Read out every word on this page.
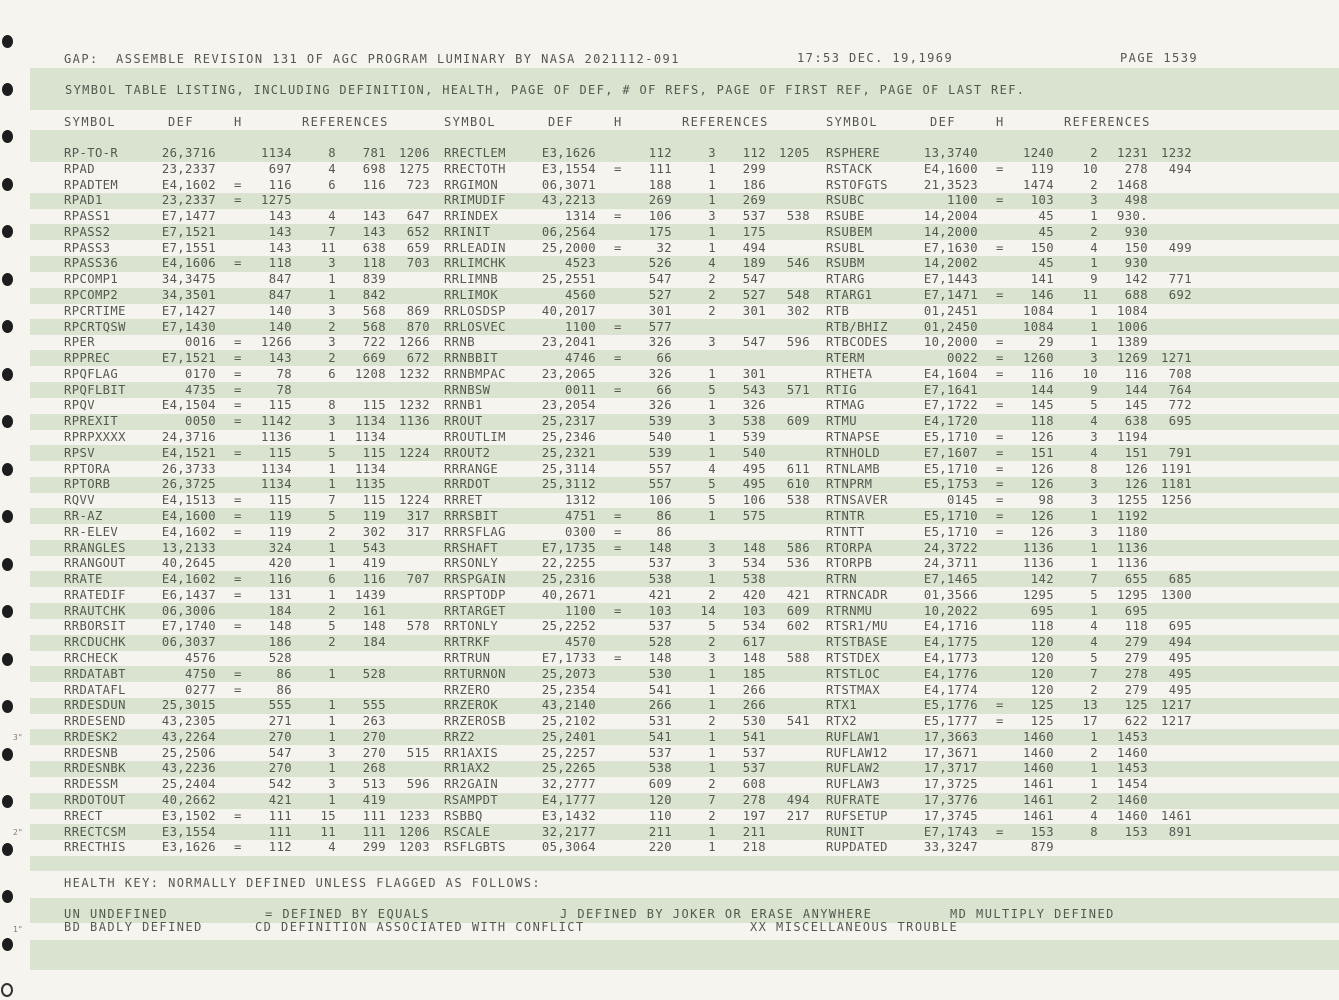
3"
2"
1"
GAP:  ASSEMBLE REVISION 131 OF AGC PROGRAM LUMINARY BY NASA 2021112-091	17:53 DEC. 19,1969	PAGE 1539
SYMBOL TABLE LISTING, INCLUDING DEFINITION, HEALTH, PAGE OF DEF, # OF REFS, PAGE OF FIRST REF, PAGE OF LAST REF.
SYMBOL	DEF	H	REFERENCES	SYMBOL	DEF	H	REFERENCES	SYMBOL	DEF	H	REFERENCES
RP-TO-R	26,3716	1134	8	781	1206 RRECTLEM	E3,1626	112	3	112	1205 RSPHERE	13,3740	1240	2	1231	1232
RPAD	23,2337	697	4	698	1275 RRECTOTH	E3,1554 =	111	1	299	RSTACK	E4,1600 =	119	10	278	494
RPADTEM	E4,1602 =	116	6	116	723 RRGIMON	06,3071	188	1	186	RSTOFGTS	21,3523	1474	2	1468
RPAD1	23,2337 =	1275	RRIMUDIF	43,2213	269	1	269	RSUBC	1100 =	103	3	498
RPASS1	E7,1477	143	4	143	647 RRINDEX	1314 =	106	3	537	538 RSUBE	14,2004	45	1	930.
RPASS2	E7,1521	143	7	143	652 RRINIT	06,2564	175	1	175	RSUBEM	14,2000	45	2	930
RPASS3	E7,1551	143	11	638	659 RRLEADIN	25,2000 =	32	1	494	RSUBL	E7,1630 =	150	4	150	499
RPASS36	E4,1606 =	118	3	118	703 RRLIMCHK	4523	526	4	189	546 RSUBM	14,2002	45	1	930
RPCOMP1	34,3475	847	1	839	RRLIMNB	25,2551	547	2	547	RTARG	E7,1443	141	9	142	771
RPCOMP2	34,3501	847	1	842	RRLIMOK	4560	527	2	527	548 RTARG1	E7,1471 =	146	11	688	692
RPCRTIME	E7,1427	140	3	568	869 RRLOSDSP	40,2017	301	2	301	302 RTB	01,2451	1084	1	1084
RPCRTQSW	E7,1430	140	2	568	870 RRLOSVEC	1100 =	577	RTB/BHIZ	01,2450	1084	1	1006
RPER	0016 =	1266	3	722	1266 RRNB	23,2041	326	3	547	596 RTBCODES	10,2000 =	29	1	1389
RPPREC	E7,1521 =	143	2	669	672 RRNBBIT	4746 =	66	RTERM	0022 =	1260	3	1269	1271
RPQFLAG	0170 =	78	6	1208	1232 RRNBMPAC	23,2065	326	1	301	RTHETA	E4,1604 =	116	10	116	708
RPQFLBIT	4735 =	78	RRNBSW	0011 =	66	5	543	571 RTIG	E7,1641	144	9	144	764
RPQV	E4,1504 =	115	8	115	1232 RRNB1	23,2054	326	1	326	RTMAG	E7,1722 =	145	5	145	772
RPREXIT	0050 =	1142	3	1134	1136 RROUT	25,2317	539	3	538	609 RTMU	E4,1720	118	4	638	695
RPRPXXXX	24,3716	1136	1	1134	RROUTLIM	25,2346	540	1	539	RTNAPSE	E5,1710 =	126	3	1194
RPSV	E4,1521 =	115	5	115	1224 RROUT2	25,2321	539	1	540	RTNHOLD	E7,1607 =	151	4	151	791
RPTORA	26,3733	1134	1	1134	RRRANGE	25,3114	557	4	495	611 RTNLAMB	E5,1710 =	126	8	126	1191
RPTORB	26,3725	1134	1	1135	RRRDOT	25,3112	557	5	495	610 RTNPRM	E5,1753 =	126	3	126	1181
RQVV	E4,1513 =	115	7	115	1224 RRRET	1312	106	5	106	538 RTNSAVER	0145 =	98	3	1255	1256
RR-AZ	E4,1600 =	119	5	119	317 RRRSBIT	4751 =	86	1	575	RTNTR	E5,1710 =	126	1	1192
RR-ELEV	E4,1602 =	119	2	302	317 RRRSFLAG	0300 =	86	RTNTT	E5,1710 =	126	3	1180
RRANGLES	13,2133	324	1	543	RRSHAFT	E7,1735 =	148	3	148	586 RTORPA	24,3722	1136	1	1136
RRANGOUT	40,2645	420	1	419	RRSONLY	22,2255	537	3	534	536 RTORPB	24,3711	1136	1	1136
RRATE	E4,1602 =	116	6	116	707 RRSPGAIN	25,2316	538	1	538	RTRN	E7,1465	142	7	655	685
RRATEDIF	E6,1437 =	131	1	1439	RRSPTODP	40,2671	421	2	420	421 RTRNCADR	01,3566	1295	5	1295	1300
RRAUTCHK	06,3006	184	2	161	RRTARGET	1100 =	103	14	103	609 RTRNMU	10,2022	695	1	695
RRBORSIT	E7,1740 =	148	5	148	578 RRTONLY	25,2252	537	5	534	602 RTSR1/MU	E4,1716	118	4	118	695
RRCDUCHK	06,3037	186	2	184	RRTRKF	4570	528	2	617	RTSTBASE	E4,1775	120	4	279	494
RRCHECK	4576	528	RRTRUN	E7,1733 =	148	3	148	588 RTSTDEX	E4,1773	120	5	279	495
RRDATABT	4750 =	86	1	528	RRTURNON	25,2073	530	1	185	RTSTLOC	E4,1776	120	7	278	495
RRDATAFL	0277 =	86	RRZERO	25,2354	541	1	266	RTSTMAX	E4,1774	120	2	279	495
RRDESDUN	25,3015	555	1	555	RRZEROK	43,2140	266	1	266	RTX1	E5,1776 =	125	13	125	1217
RRDESEND	43,2305	271	1	263	RRZEROSB	25,2102	531	2	530	541 RTX2	E5,1777 =	125	17	622	1217
RRDESK2	43,2264	270	1	270	RRZ2	25,2401	541	1	541	RUFLAW1	17,3663	1460	1	1453
RRDESNB	25,2506	547	3	270	515 RR1AXIS	25,2257	537	1	537	RUFLAW12	17,3671	1460	2	1460
RRDESNBK	43,2236	270	1	268	RR1AX2	25,2265	538	1	537	RUFLAW2	17,3717	1460	1	1453
RRDESSM	25,2404	542	3	513	596 RR2GAIN	32,2777	609	2	608	RUFLAW3	17,3725	1461	1	1454
RRDOTOUT	40,2662	421	1	419	RSAMPDT	E4,1777	120	7	278	494 RUFRATE	17,3776	1461	2	1460
RRECT	E3,1502 =	111	15	111	1233 RSBBQ	E3,1432	110	2	197	217 RUFSETUP	17,3745	1461	4	1460	1461
RRECTCSM	E3,1554	111	11	111	1206 RSCALE	32,2177	211	1	211	RUNIT	E7,1743 =	153	8	153	891
RRECTHIS	E3,1626 =	112	4	299	1203 RSFLGBTS	05,3064	220	1	218	RUPDATED	33,3247	879
HEALTH KEY: NORMALLY DEFINED UNLESS FLAGGED AS FOLLOWS:
UN UNDEFINED	= DEFINED BY EQUALS	J DEFINED BY JOKER OR ERASE ANYWHERE	MD MULTIPLY DEFINED
BD BADLY DEFINED	CD DEFINITION ASSOCIATED WITH CONFLICT	XX MISCELLANEOUS TROUBLE
